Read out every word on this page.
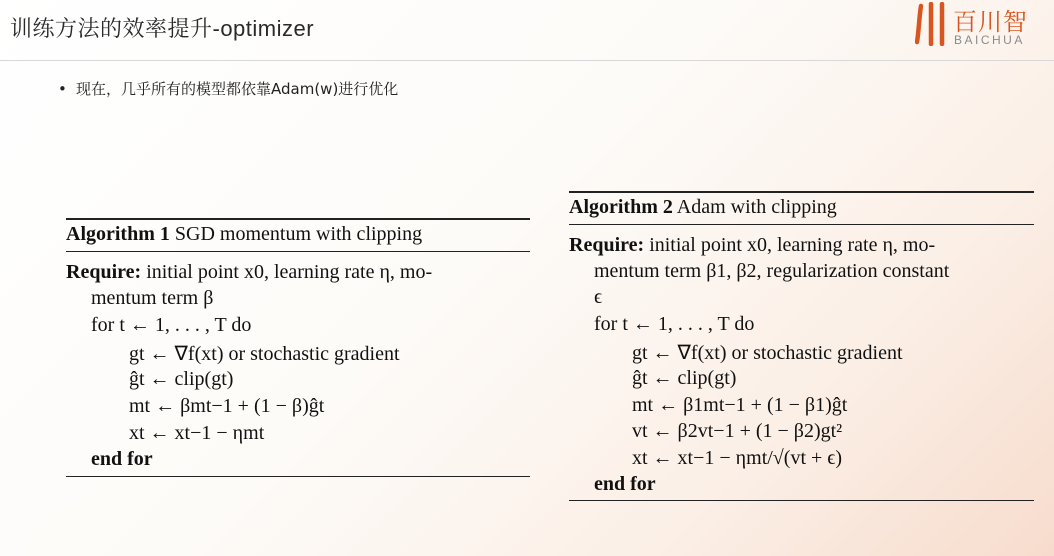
训练方法的效率提升-optimizer	百川智
BAICHUA
• 现在，几乎所有的模型都依靠Adam(w)进行优化
Algorithm 1 SGD momentum with clipping
Require: initial point x0, learning rate η, mo-
mentum term β
for t ← 1, . . . , T do
gt ← ∇f(xt) or stochastic gradient
ĝt ← clip(gt)
mt ← βmt−1 + (1 − β)ĝt
xt ← xt−1 − ηmt
end for
Algorithm 2 Adam with clipping
Require: initial point x0, learning rate η, mo-
mentum term β1, β2, regularization constant
ϵ
for t ← 1, . . . , T do
gt ← ∇f(xt) or stochastic gradient
ĝt ← clip(gt)
mt ← β1mt−1 + (1 − β1)ĝt
vt ← β2vt−1 + (1 − β2)gt²
xt ← xt−1 − ηmt/√(vt + ϵ)
end for
